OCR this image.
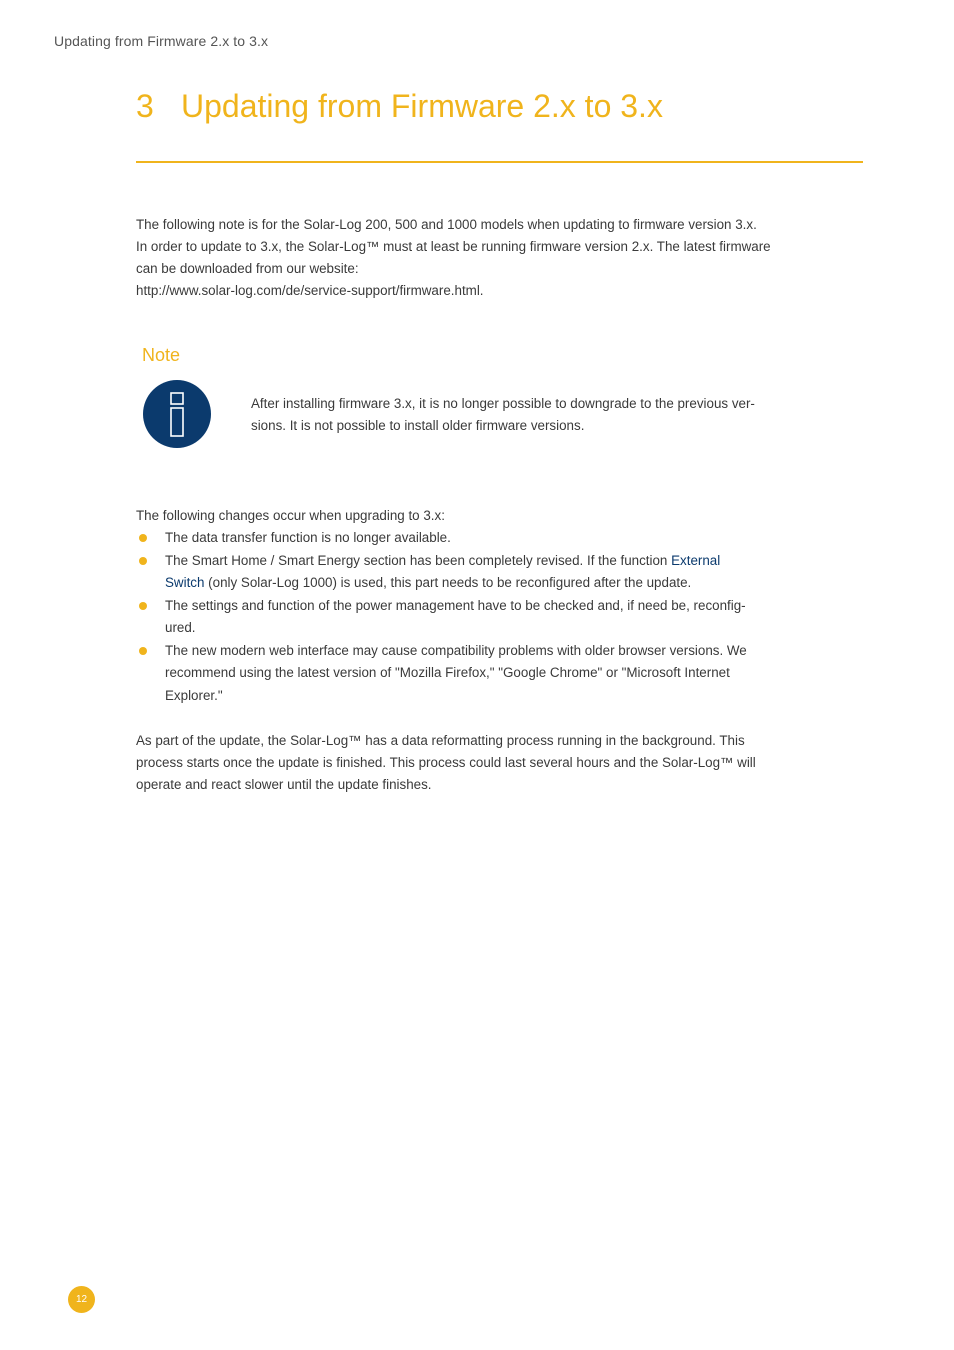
Updating from Firmware 2.x to 3.x
3 Updating from Firmware 2.x to 3.x

The following note is for the Solar-Log 200, 500 and 1000 models when updating to firmware version 3.x.
In order to update to 3.x, the Solar-Log™ must at least be running firmware version 2.x. The latest firmware
can be downloaded from our website:
http://www.solar-log.com/de/service-support/firmware.html.

Note

After installing firmware 3.x, it is no longer possible to downgrade to the previous ver-
sions. It is not possible to install older firmware versions.

The following changes occur when upgrading to 3.x:

The data transfer function is no longer available.
The Smart Home / Smart Energy section has been completely revised. If the function External
Switch (only Solar-Log 1000) is used, this part needs to be reconfigured after the update.
The settings and function of the power management have to be checked and, if need be, reconfig-
ured.
The new modern web interface may cause compatibility problems with older browser versions. We
recommend using the latest version of "Mozilla Firefox," "Google Chrome" or "Microsoft Internet
Explorer."

As part of the update, the Solar-Log™ has a data reformatting process running in the background. This
process starts once the update is finished. This process could last several hours and the Solar-Log™ will
operate and react slower until the update finishes.

12
